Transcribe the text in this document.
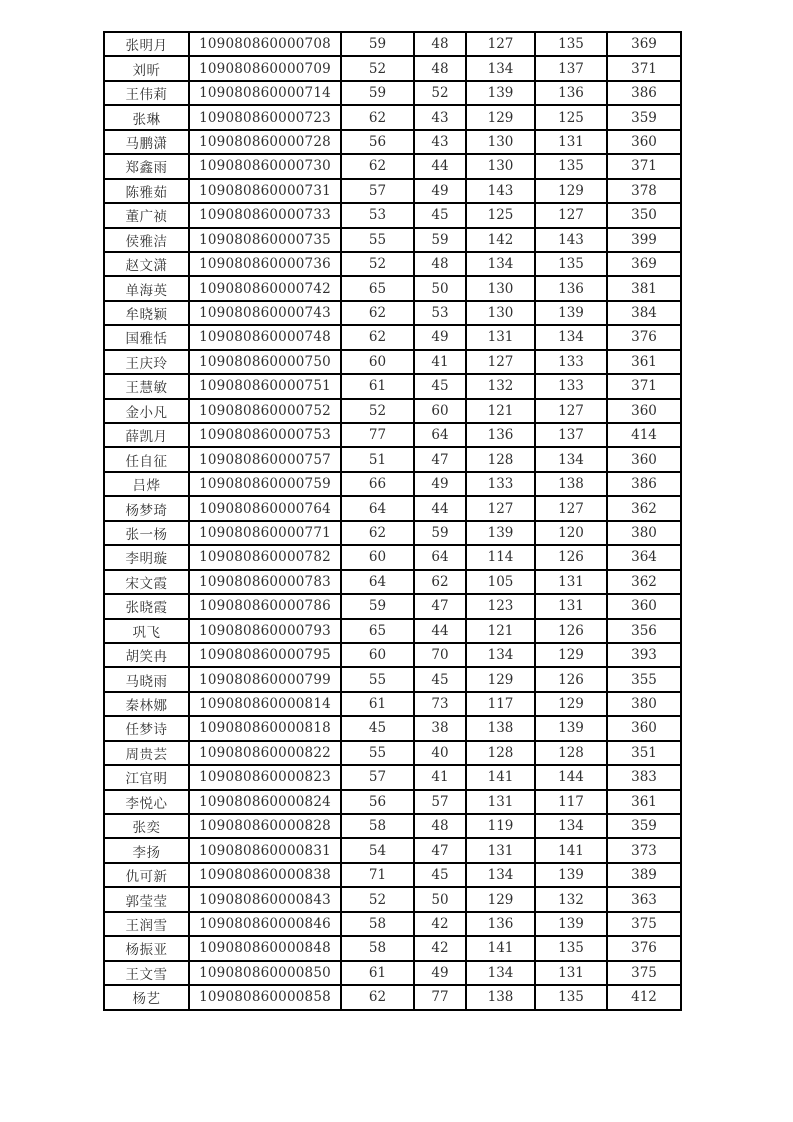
张明月	109080860000708	59	48	127	135	369
刘昕	109080860000709	52	48	134	137	371
王伟莉	109080860000714	59	52	139	136	386
张琳	109080860000723	62	43	129	125	359
马鹏潇	109080860000728	56	43	130	131	360
郑鑫雨	109080860000730	62	44	130	135	371
陈雅茹	109080860000731	57	49	143	129	378
董广祯	109080860000733	53	45	125	127	350
侯雅洁	109080860000735	55	59	142	143	399
赵文潇	109080860000736	52	48	134	135	369
单海英	109080860000742	65	50	130	136	381
牟晓颖	109080860000743	62	53	130	139	384
国雅恬	109080860000748	62	49	131	134	376
王庆玲	109080860000750	60	41	127	133	361
王慧敏	109080860000751	61	45	132	133	371
金小凡	109080860000752	52	60	121	127	360
薛凯月	109080860000753	77	64	136	137	414
任自征	109080860000757	51	47	128	134	360
吕烨	109080860000759	66	49	133	138	386
杨梦琦	109080860000764	64	44	127	127	362
张一杨	109080860000771	62	59	139	120	380
李明璇	109080860000782	60	64	114	126	364
宋文霞	109080860000783	64	62	105	131	362
张晓霞	109080860000786	59	47	123	131	360
巩飞	109080860000793	65	44	121	126	356
胡笑冉	109080860000795	60	70	134	129	393
马晓雨	109080860000799	55	45	129	126	355
秦林娜	109080860000814	61	73	117	129	380
任梦诗	109080860000818	45	38	138	139	360
周贵芸	109080860000822	55	40	128	128	351
江官明	109080860000823	57	41	141	144	383
李悦心	109080860000824	56	57	131	117	361
张奕	109080860000828	58	48	119	134	359
李扬	109080860000831	54	47	131	141	373
仇可新	109080860000838	71	45	134	139	389
郭莹莹	109080860000843	52	50	129	132	363
王润雪	109080860000846	58	42	136	139	375
杨振亚	109080860000848	58	42	141	135	376
王文雪	109080860000850	61	49	134	131	375
杨艺	109080860000858	62	77	138	135	412
